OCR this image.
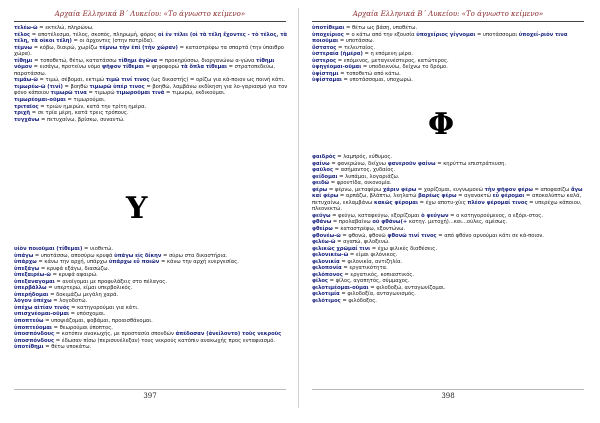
Αρχαία Ελληνικά Β΄ Λυκείου: «Το άγνωστο κείμενο»

τελέω-ῶ = εκτελώ, πληρώνω.

τέλος = αποτέλεσμα, τέλος, σκοπός, πληρωμή, φόρος οἱ ἐν τέλει (οἱ τὰ τέλη ἔχοντες - τὸ τέλος, τὰ τέλη, τὰ οἰκοι τέλη) = οι άρχοντες (στην πατρίδα).

τέμνω = κόβω, διαιρώ, χωρίζω τέμνω τὴν ἐπὶ (τὴν χώραν) = καταστρέφω τα σπαρτά (την ύπαιθρο χώρα).

τίθημι = τοποθετώ, θέτω, κατατάσσω τίθημι ἀγῶνα = προκηρύσσω, διοργανώνω α-γώνα τίθημι νόμον = εισάγω, προτείνω νόμο ψῆφον τίθεμαι = ψηφοφορώ τὰ ὅπλα τίθεμαι = στρατοπεδεύω, παρατάσσω.

τιμάω-ῶ = τιμώ, σέβομαι, εκτιμώ τιμῶ τινί τινος (ως δικαστής) = ορίζω για κά-ποιον ως ποινή κάτι.

τιμωρέω-ῶ (τινί) = βοηθώ τιμωρῶ ὑπέρ τινος = βοηθώ, λαμβάνω εκδίκηση για λο-γαριασμό για τον φόνο κάποιου τιμωρῶ τινα = τιμωρώ τιμωροῦμαι τινά = τιμωρώ, εκδικούμαι.

τιμωρέομαι-οῦμαι = τιμωρούμαι.

τριταῖος = τριών ημερών, κατά την τρίτη ημέρα.

τριχῆ = σε τρία μέρη, κατά τρεις τρόπους.

τυγχάνω = πετυχαίνω, βρίσκω, συναντώ.

Υ

υἱὸν ποιοῦμαι (τίθεμαι) = υιοθετώ.

ὑπάγω = υποτάσσω, αποσύρω κρυφά ὑπάγω εἰς δίκην = σύρω στα δικαστήρια.

ὑπάρχω = κάνω την αρχή, υπάρχω ὑπάρχω εὖ ποιῶν = κάνω την αρχή ευεργεσίας.

ὑπεξάγω = κρυφά εξάγω, διασώζω.

ὑπεξαιρέω-ῶ = κρυφά αφαιρώ.

ὑπεξαναγομαι = ανοίγομαι με προφυλάξεις στο πέλαγος.

ὑπερβάλλω = υπερτερώ, είμαι υπερβολικός.

ὑπερήδομαι = δοκιμάζω μεγάλη χαρά.

λόγον ὑπέχω = λογοδοτώ.

ὑπέχω αἰτίαν τινός = κατηγορούμαι για κάτι.

υπισχνέομαι-οῦμαι = υπόσχομαι.

ὑποπτεύω = υποψιάζομαι, φοβάμαι, προαισθάνομαι.

ὑποπτεύομαι = θεωρούμαι ύποπτος.

ὑποσπόνδους = κατόπιν ανακωχής, με προστασία σπονδών ἀπέδοσαν (ἀνείλοντο) τοὺς νεκροὺς ὑποσπόνδους = έδωσαν πίσω (περισυνέλεξαν) τους νεκρούς κατόπιν ανακωχής προς ενταφιασμό.

ὑποτίθημι = θέτω υποκάτω.

397
Αρχαία Ελληνικά Β΄ Λυκείου: «Το άγνωστο κείμενο»

ὑποτίθεμαι = θέτω ως βάση, υποθέτω.

ὑποχείριος = ο κάτω από την εξουσία ὑποχείριος γίγνομαι = υποτάσσομαι ὑποχεί-ριόν τινα ποιοῦμαι = υποτάσσω.

ὕστατος = τελευταίος.

ὑστεραία (ἡμέρα) = η επόμενη μέρα.

ὑστερος = επόμενος, μεταγενέστερος, κατώτερος.

ὑφηγέομαι-οῦμαι = υποδεικνύω, δείχνω το δρόμο.

ὑφίστημι = τοποθετώ από κάτω.

ὑφίσταμαι = υποτάσσομαι, υποχωρώ.

Φ

φαιδρός = λαμπρός, εύθυμος.

φαίνω = φανερώνω, δείχνω φανεροῦν φαίνω = κηρύττω επιστράτευση.

φαῦλος = ασήμαντος, χυδαίος.

φείδομαι = λυπάμαι, λογαριάζω.

φειδώ = φροντίδα, οικονομία.

φέρω = φέρνω, μεταφέρω χάριν φέρω = χαρίζομαι, ευγνωμονώ τὴν ψῆφον φέρω = αποφασίζω ἄγω καὶ φέρω = αρπάζω, βλάπτω, λεηλατώ βαρέως φέρω = αγανακτώ εὖ φέρομαι = αποκαλύπτω καλά, πετυχαίνω, εκλαμβάνω κακῶς φέρομαι = έχω αποτυ-χίες πλέον φέρομαί τινος = υπερέχω κάποιου, πλεονεκτώ.

φεύγω = φεύγω, καταφεύγω, εξορίζομαι ὁ φεύγων = ο κατηγορούμενος, ο εξόρι-στος.

φθάνω = προλαβαίνω οὐ φθάνω(+ κατηγ. μετοχή)...και...ούλες, αμέσως.

φθείρω = καταστρέφω, εξοντώνω.

φθονέω-ῶ = φθονώ, φθονῶ φθονῶ τινί τινος = από φθόνο αρνούμαι κάτι σε κά-ποιον.

φιλέω-ῶ = αγαπώ, φιλοξενώ.

φιλικῶς χρῶμαί τινι = έχω φιλικές διαθέσεις.

φιλονικέω-ῶ = είμαι φιλόνικος.

φιλονικία = φιλονικία, αντιζηλία.

φιλοπονία = εργατικότητα.

φιλόπονος = εργατικός, κοπιαστικός.

φίλος = φίλος, αγαπητός, σύμμαχος.

φιλοτιμέομαι-οῦμαι = φιλοδοξώ, ανταγωνίζομαι.

φιλοτιμία = φιλοδοξία, ανταγωνισμός.

φιλότιμος = φιλόδοξος.

398
